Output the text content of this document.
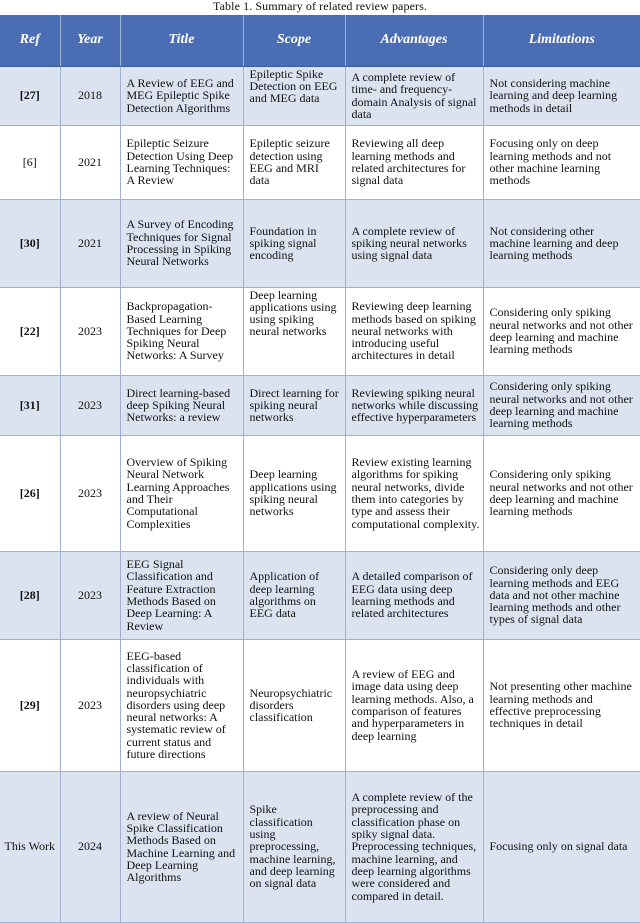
Table 1. Summary of related review papers.
Ref	Year	Title	Scope	Advantages	Limitations
[27]	2018	A Review of EEG and MEG Epileptic Spike Detection Algorithms	Epileptic Spike Detection on EEG and MEG data	A complete review of time- and frequency-domain Analysis of signal data	Not considering machine learning and deep learning methods in detail
[6]	2021	Epileptic Seizure Detection Using Deep Learning Techniques: A Review	Epileptic seizure detection using EEG and MRI data	Reviewing all deep learning methods and related architectures for signal data	Focusing only on deep learning methods and not other machine learning methods
[30]	2021	A Survey of Encoding Techniques for Signal Processing in Spiking Neural Networks	Foundation in spiking signal encoding	A complete review of spiking neural networks using signal data	Not considering other machine learning and deep learning methods
[22]	2023	Backpropagation-Based Learning Techniques for Deep Spiking Neural Networks: A Survey	Deep learning applications using using spiking neural networks	Reviewing deep learning methods based on spiking neural networks with introducing useful architectures in detail	Considering only spiking neural networks and not other deep learning and machine learning methods
[31]	2023	Direct learning-based deep Spiking Neural Networks: a review	Direct learning for spiking neural networks	Reviewing spiking neural networks while discussing effective hyperparameters	Considering only spiking neural networks and not other deep learning and machine learning methods
[26]	2023	Overview of Spiking Neural Network Learning Approaches and Their Computational Complexities	Deep learning applications using spiking neural networks	Review existing learning algorithms for spiking neural networks, divide them into categories by type and assess their computational complexity.	Considering only spiking neural networks and not other deep learning and machine learning methods
[28]	2023	EEG Signal Classification and Feature Extraction Methods Based on Deep Learning: A Review	Application of deep learning algorithms on EEG data	A detailed comparison of EEG data using deep learning methods and related architectures	Considering only deep learning methods and EEG data and not other machine learning methods and other types of signal data
[29]	2023	EEG-based classification of individuals with neuropsychiatric disorders using deep neural networks: A systematic review of current status and future directions	Neuropsychiatric disorders classification	A review of EEG and image data using deep learning methods. Also, a comparison of features and hyperparameters in deep learning	Not presenting other machine learning methods and effective preprocessing techniques in detail
This Work	2024	A review of Neural Spike Classification Methods Based on Machine Learning and Deep Learning Algorithms	Spike classification using preprocessing, machine learning, and deep learning on signal data	A complete review of the preprocessing and classification phase on spiky signal data. Preprocessing techniques, machine learning, and deep learning algorithms were considered and compared in detail.	Focusing only on signal data
